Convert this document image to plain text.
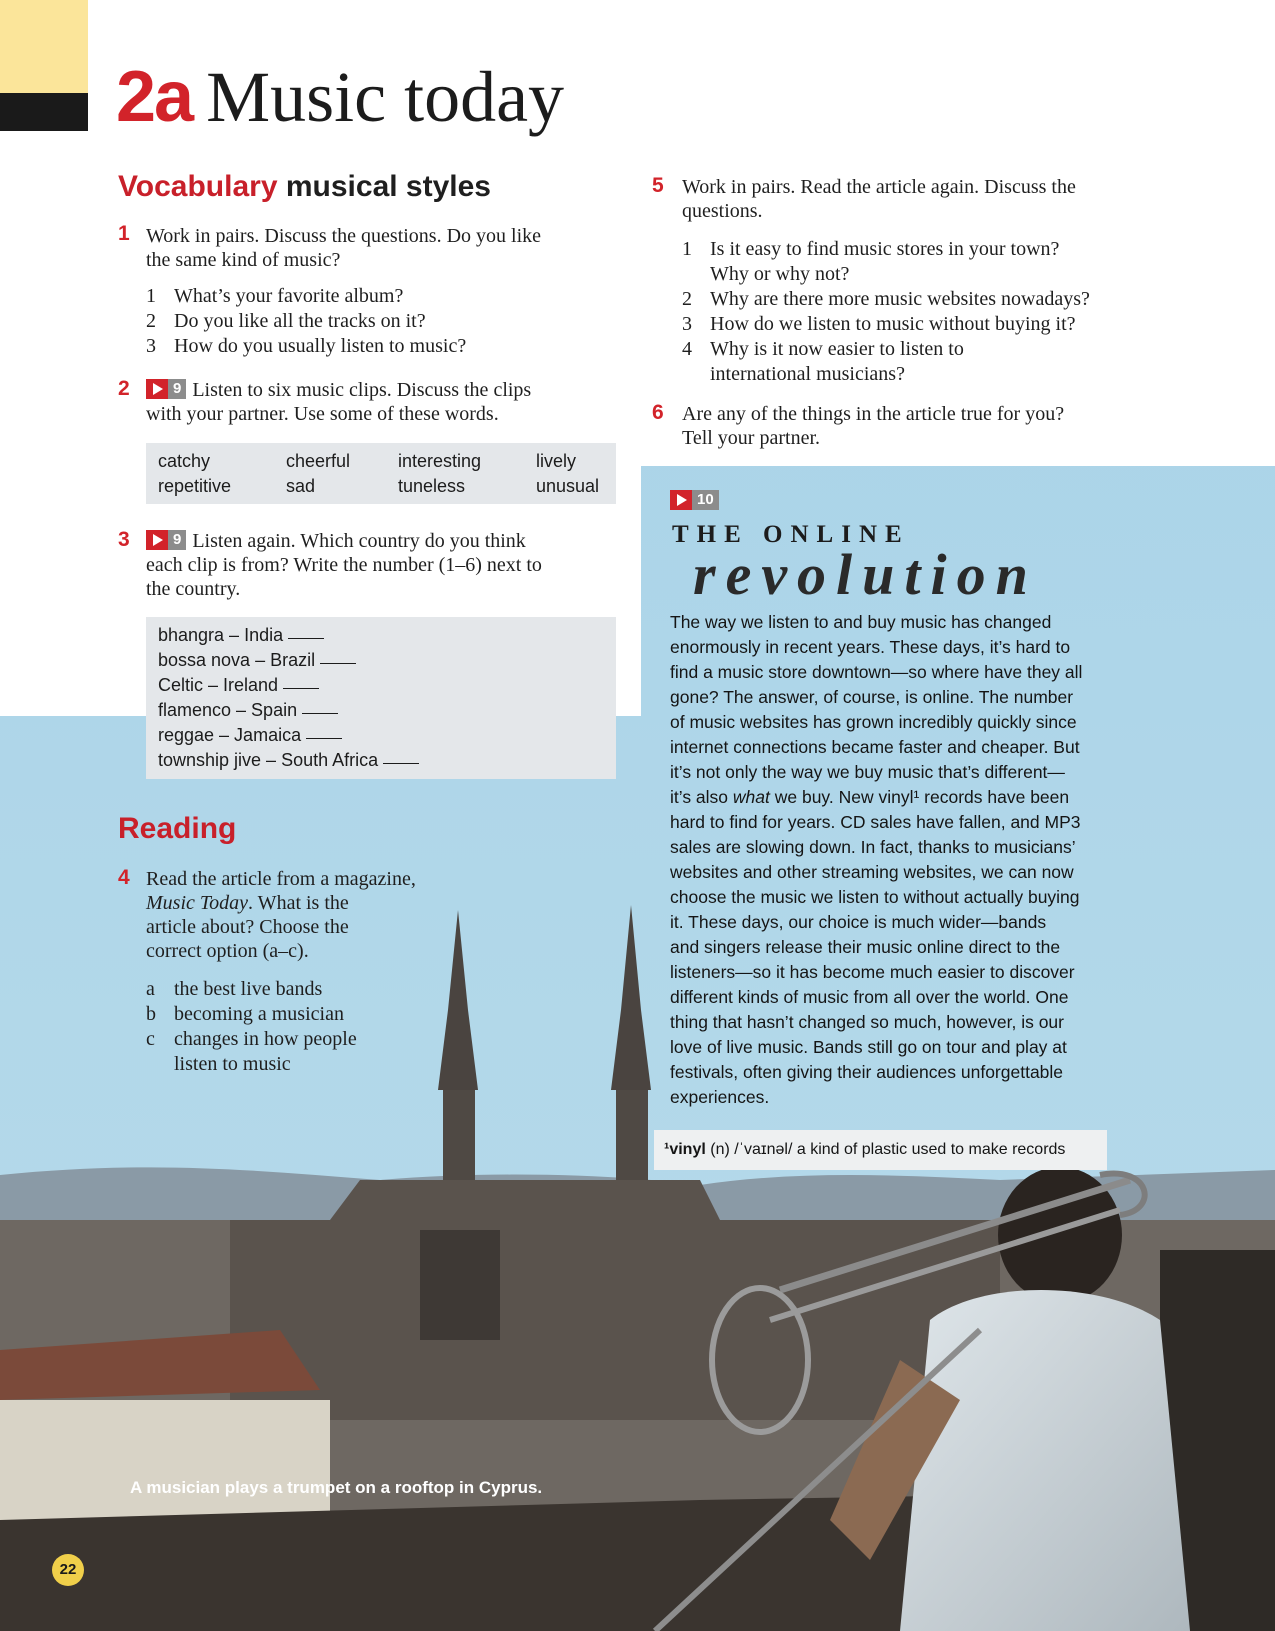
2a Music today
Vocabulary musical styles
1 Work in pairs. Discuss the questions. Do you like
the same kind of music?
1 What’s your favorite album?
2 Do you like all the tracks on it?
3 How do you usually listen to music?
2	9 Listen to six music clips. Discuss the clips
with your partner. Use some of these words.
catchy	cheerful	interesting	lively
repetitive	sad	tuneless	unusual
3	9 Listen again. Which country do you think
each clip is from? Write the number (1–6) next to
the country.
bhangra – India
bossa nova – Brazil
Celtic – Ireland
flamenco – Spain
reggae – Jamaica
township jive – South Africa
Reading
4 Read the article from a magazine,
Music Today. What is the
article about? Choose the
correct option (a–c).
a the best live bands
b becoming a musician
c changes in how people
listen to music
5 Work in pairs. Read the article again. Discuss the
questions.
1 Is it easy to find music stores in your town?
Why or why not?
2 Why are there more music websites nowadays?
3 How do we listen to music without buying it?
4 Why is it now easier to listen to
international musicians?
6 Are any of the things in the article true for you?
Tell your partner.
10
THE ONLINE
revolution
The way we listen to and buy music has changed
enormously in recent years. These days, it’s hard to
find a music store downtown—so where have they all
gone? The answer, of course, is online. The number
of music websites has grown incredibly quickly since
internet connections became faster and cheaper. But
it’s not only the way we buy music that’s different—
it’s also what we buy. New vinyl¹ records have been
hard to find for years. CD sales have fallen, and MP3
sales are slowing down. In fact, thanks to musicians’
websites and other streaming websites, we can now
choose the music we listen to without actually buying
it. These days, our choice is much wider—bands
and singers release their music online direct to the
listeners—so it has become much easier to discover
different kinds of music from all over the world. One
thing that hasn’t changed so much, however, is our
love of live music. Bands still go on tour and play at
festivals, often giving their audiences unforgettable
experiences.
¹vinyl (n) /ˈvaɪnəl/ a kind of plastic used to make records
A musician plays a trumpet on a rooftop in Cyprus.
22
